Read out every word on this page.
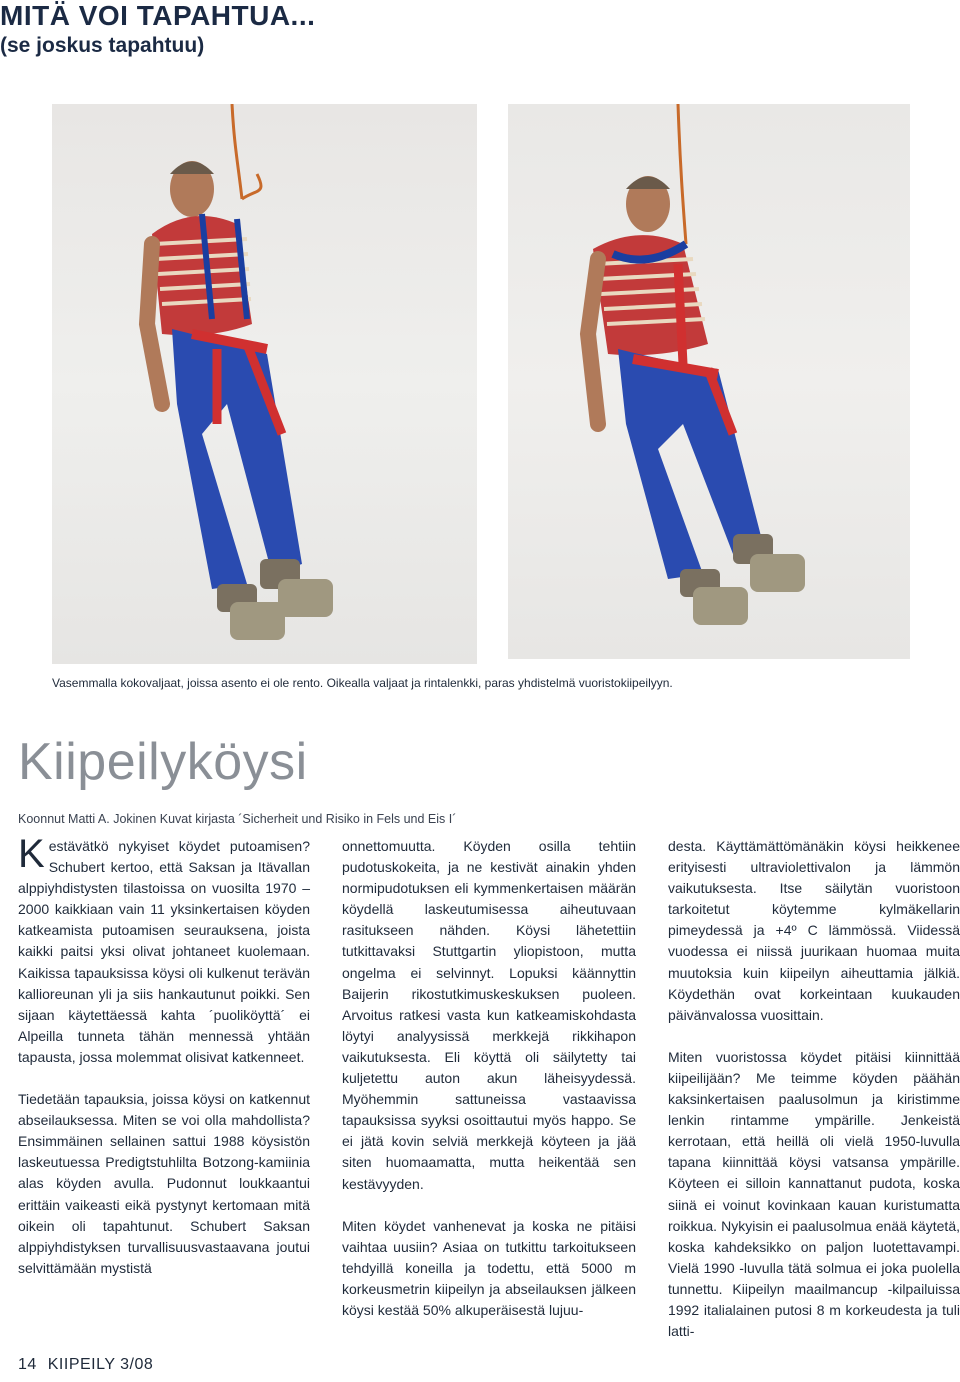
MITÄ VOI TAPAHTUA...
(se joskus tapahtuu)
Vasemmalla kokovaljaat, joissa asento ei ole rento. Oikealla valjaat ja rintalenkki, paras yhdistelmä vuoristokiipeilyyn.
Kiipeilyköysi
Koonnut Matti A. Jokinen Kuvat kirjasta ´Sicherheit und Risiko in Fels und Eis I´

Kestävätkö nykyiset köydet putoamisen? Schubert kertoo, että Saksan ja Itävallan alppiyhdistysten tilastoissa on vuosilta 1970 –2000 kaikkiaan vain 11 yksinkertaisen köyden katkeamista putoamisen seurauksena, joista kaikki paitsi yksi olivat johtaneet kuolemaan. Kaikissa tapauksissa köysi oli kulkenut terävän kallioreunan yli ja siis hankautunut poikki. Sen sijaan käytettäessä kahta ´puoliköyttä´ ei Alpeilla tunneta tähän mennessä yhtään tapausta, jossa molemmat olisivat katkenneet.

Tiedetään tapauksia, joissa köysi on katkennut abseilauksessa. Miten se voi olla mahdollista? Ensimmäinen sellainen sattui 1988 köysistön laskeutuessa Predigtstuhlilta Botzong-kamiinia alas köyden avulla. Pudonnut loukkaantui erittäin vaikeasti eikä pystynyt kertomaan mitä oikein oli tapahtunut. Schubert Saksan alppiyhdistyksen turvallisuusvastaavana joutui selvittämään mystistä

onnettomuutta. Köyden osilla tehtiin pudotuskokeita, ja ne kestivät ainakin yhden normipudotuksen eli kymmenkertaisen määrän köydellä laskeutumisessa aiheutuvaan rasitukseen nähden. Köysi lähetettiin tutkittavaksi Stuttgartin yliopistoon, mutta ongelma ei selvinnyt. Lopuksi käännyttin Baijerin rikostutkimuskeskuksen puoleen. Arvoitus ratkesi vasta kun katkeamiskohdasta löytyi analyysissä merkkejä rikkihapon vaikutuksesta. Eli köyttä oli säilytetty tai kuljetettu auton akun läheisyydessä. Myöhemmin sattuneissa vastaavissa tapauksissa syyksi osoittautui myös happo. Se ei jätä kovin selviä merkkejä köyteen ja jää siten huomaamatta, mutta heikentää sen kestävyyden.

Miten köydet vanhenevat ja koska ne pitäisi vaihtaa uusiin? Asiaa on tutkittu tarkoitukseen tehdyillä koneilla ja todettu, että 5000 m korkeusmetrin kiipeilyn ja abseilauksen jälkeen köysi kestää 50% alkuperäisestä lujuu-

desta. Käyttämättömänäkin köysi heikkenee erityisesti ultraviolettivalon ja lämmön vaikutuksesta. Itse säilytän vuoristoon tarkoitetut köytemme kylmäkellarin pimeydessä ja +4º C lämmössä. Viidessä vuodessa ei niissä juurikaan huomaa muita muutoksia kuin kiipeilyn aiheuttamia jälkiä. Köydethän ovat korkeintaan kuukauden päivänvalossa vuosittain.

Miten vuoristossa köydet pitäisi kiinnittää kiipeilijään? Me teimme köyden päähän kaksinkertaisen paalusolmun ja kiristimme lenkin rintamme ympärille. Jenkeistä kerrotaan, että heillä oli vielä 1950-luvulla tapana kiinnittää köysi vatsansa ympärille. Köyteen ei silloin kannattanut pudota, koska siinä ei voinut kovinkaan kauan kuristumatta roikkua. Nykyisin ei paalusolmua enää käytetä, koska kahdeksikko on paljon luotettavampi. Vielä 1990 -luvulla tätä solmua ei joka puolella tunnettu. Kiipeilyn maailmancup -kilpailuissa 1992 italialainen putosi 8 m korkeudesta ja tuli latti-

14 KIIPEILY 3/08
